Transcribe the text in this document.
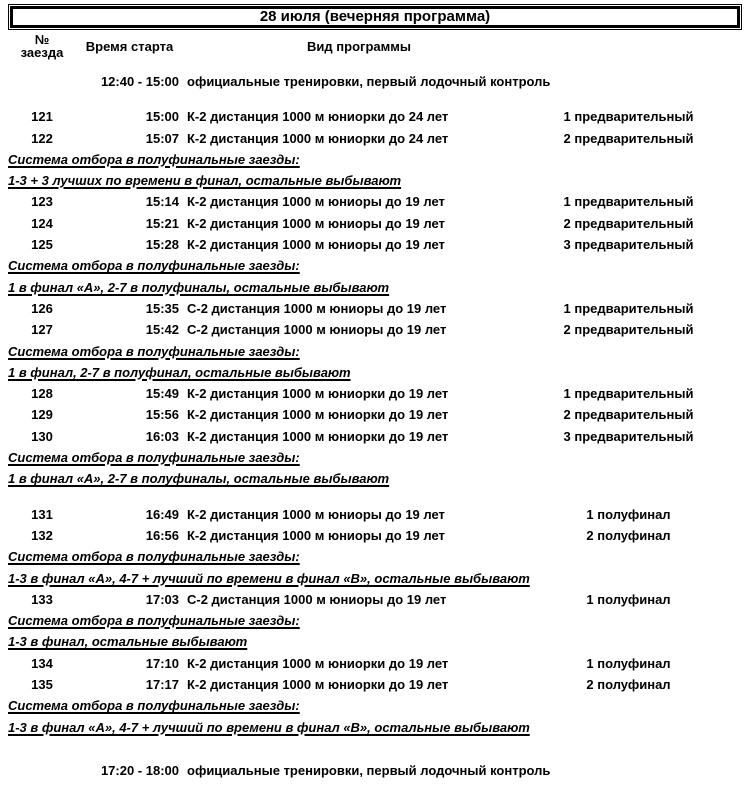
28 июля (вечерняя программа)
№
заезда	Время старта	Вид программы
12:40 - 15:00 официальные тренировки, первый лодочный контроль
121	15:00 К-2 дистанция 1000 м юниорки до 24 лет	1 предварительный
122	15:07 К-2 дистанция 1000 м юниорки до 24 лет	2 предварительный
Система отбора в полуфинальные заезды:
1-3 + 3 лучших по времени в финал, остальные выбывают
123	15:14 К-2 дистанция 1000 м юниоры до 19 лет	1 предварительный
124	15:21 К-2 дистанция 1000 м юниоры до 19 лет	2 предварительный
125	15:28 К-2 дистанция 1000 м юниоры до 19 лет	3 предварительный
Система отбора в полуфинальные заезды:
1 в финал «А», 2-7 в полуфиналы, остальные выбывают
126	15:35 С-2 дистанция 1000 м юниоры до 19 лет	1 предварительный
127	15:42 С-2 дистанция 1000 м юниоры до 19 лет	2 предварительный
Система отбора в полуфинальные заезды:
1 в финал, 2-7 в полуфинал, остальные выбывают
128	15:49 К-2 дистанция 1000 м юниорки до 19 лет	1 предварительный
129	15:56 К-2 дистанция 1000 м юниорки до 19 лет	2 предварительный
130	16:03 К-2 дистанция 1000 м юниорки до 19 лет	3 предварительный
Система отбора в полуфинальные заезды:
1 в финал «А», 2-7 в полуфиналы, остальные выбывают
131	16:49 К-2 дистанция 1000 м юниоры до 19 лет	1 полуфинал
132	16:56 К-2 дистанция 1000 м юниоры до 19 лет	2 полуфинал
Система отбора в полуфинальные заезды:
1-3 в финал «А», 4-7 + лучший по времени в финал «В», остальные выбывают
133	17:03 С-2 дистанция 1000 м юниоры до 19 лет	1 полуфинал
Система отбора в полуфинальные заезды:
1-3 в финал, остальные выбывают
134	17:10 К-2 дистанция 1000 м юниорки до 19 лет	1 полуфинал
135	17:17 К-2 дистанция 1000 м юниорки до 19 лет	2 полуфинал
Система отбора в полуфинальные заезды:
1-3 в финал «А», 4-7 + лучший по времени в финал «В», остальные выбывают
17:20 - 18:00 официальные тренировки, первый лодочный контроль
